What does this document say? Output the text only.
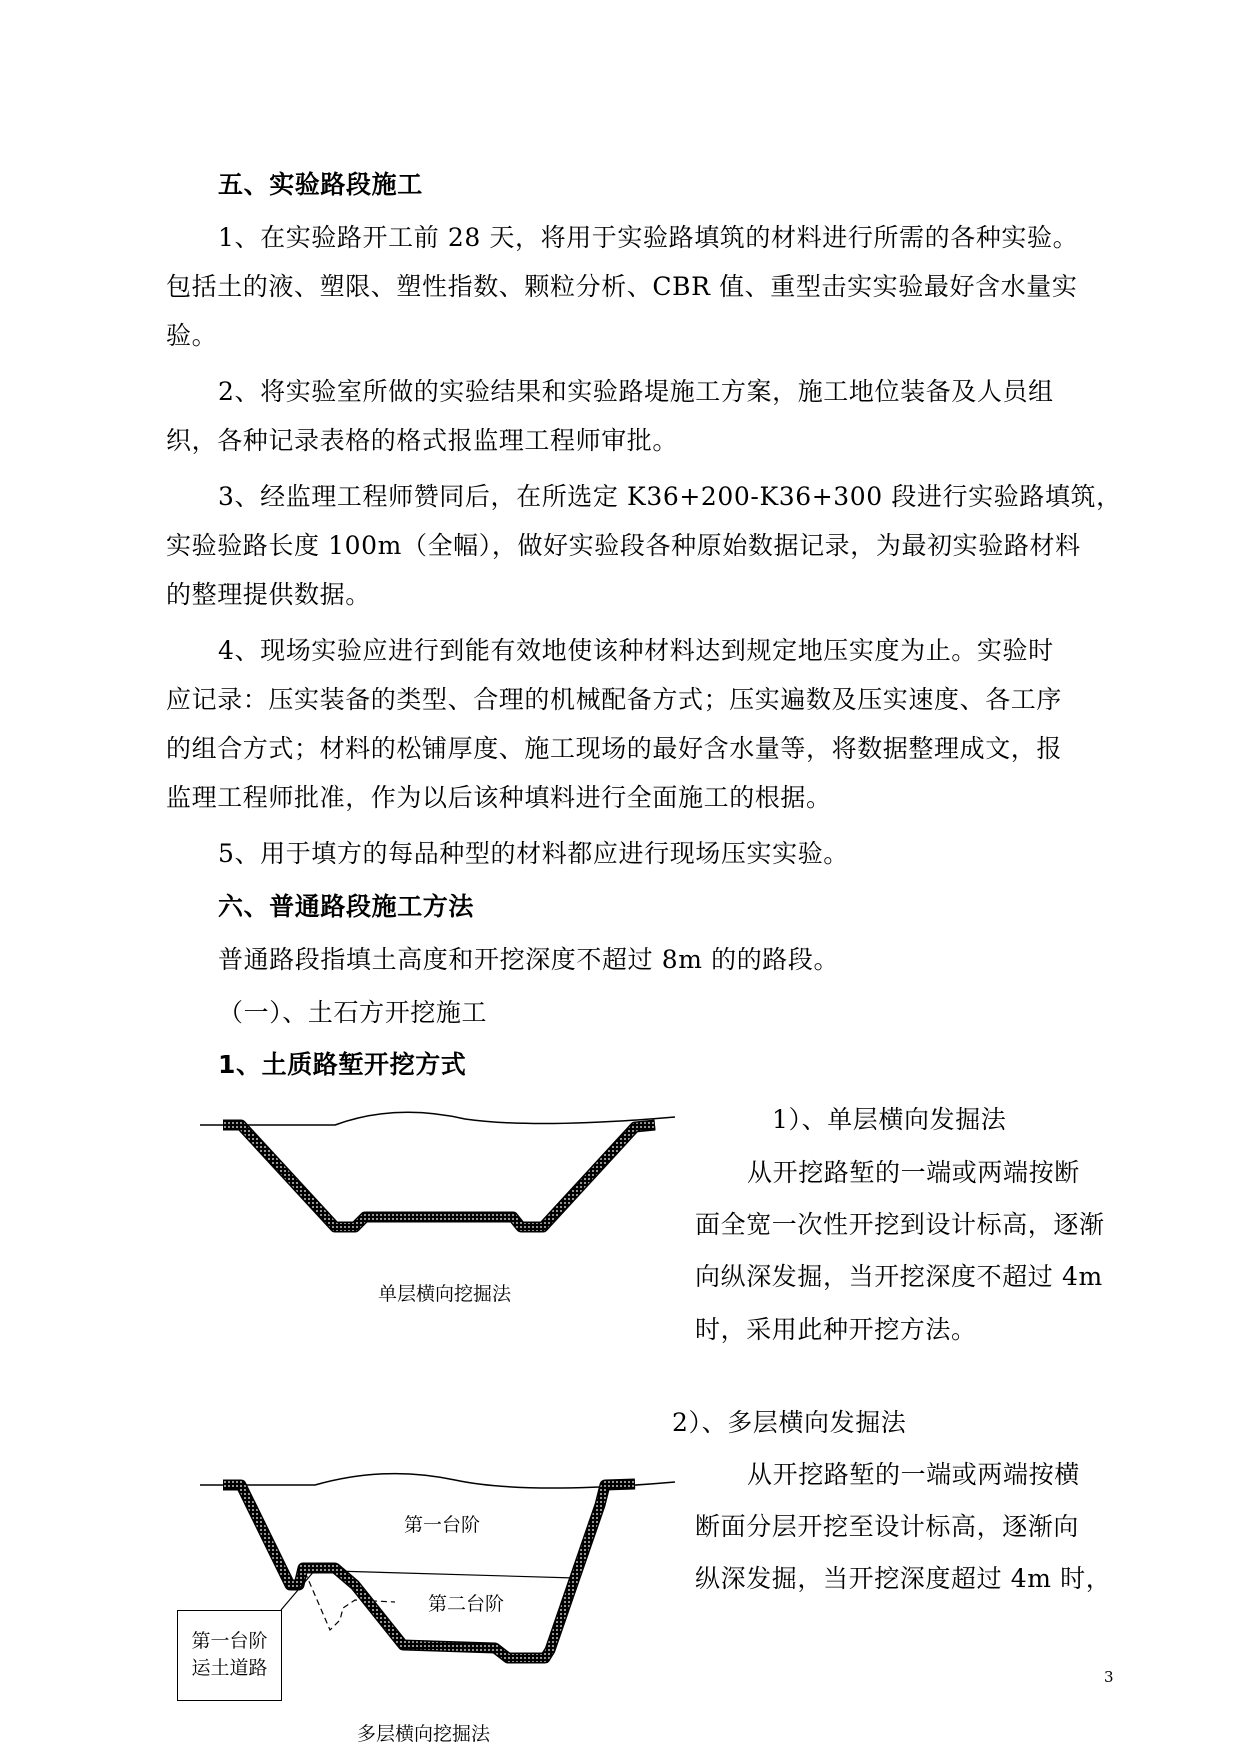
五、实验路段施工
1、在实验路开工前 28 天，将用于实验路填筑的材料进行所需的各种实验。
包括土的液、塑限、塑性指数、颗粒分析、CBR 值、重型击实实验最好含水量实
验。
2、将实验室所做的实验结果和实验路堤施工方案，施工地位装备及人员组
织，各种记录表格的格式报监理工程师审批。
3、经监理工程师赞同后，在所选定 K36+200-K36+300 段进行实验路填筑，
实验验路长度 100m（全幅），做好实验段各种原始数据记录，为最初实验路材料
的整理提供数据。
4、现场实验应进行到能有效地使该种材料达到规定地压实度为止。实验时
应记录：压实装备的类型、合理的机械配备方式；压实遍数及压实速度、各工序
的组合方式；材料的松铺厚度、施工现场的最好含水量等，将数据整理成文，报
监理工程师批准，作为以后该种填料进行全面施工的根据。
5、用于填方的每品种型的材料都应进行现场压实实验。
六、普通路段施工方法
普通路段指填土高度和开挖深度不超过 8m 的的路段。
（一）、土石方开挖施工
1、土质路堑开挖方式
1）、单层横向发掘法
从开挖路堑的一端或两端按断
面全宽一次性开挖到设计标高，逐渐
向纵深发掘，当开挖深度不超过 4m
时，采用此种开挖方法。
单层横向挖掘法
2）、多层横向发掘法
从开挖路堑的一端或两端按横
断面分层开挖至设计标高，逐渐向
纵深发掘，当开挖深度超过 4m 时，
第一台阶
第二台阶
第一台阶
运土道路
多层横向挖掘法
3
